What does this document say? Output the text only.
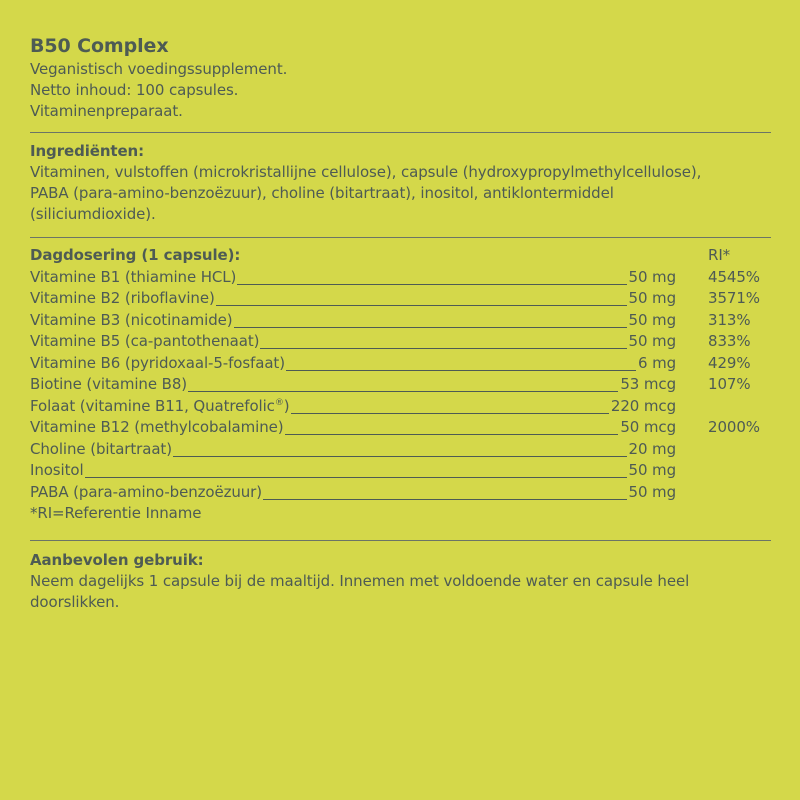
B50 Complex
Veganistisch voedingssupplement.
Netto inhoud: 100 capsules.
Vitaminenpreparaat.
Ingrediënten:
Vitaminen, vulstoffen (microkristallijne cellulose), capsule (hydroxypropylmethylcellulose),
PABA (para-amino-benzoëzuur), choline (bitartraat), inositol, antiklontermiddel
(siliciumdioxide).
Dagdosering (1 capsule):	RI*
Vitamine B1 (thiamine HCL)	50 mg 4545%
Vitamine B2 (riboflavine)	50 mg 3571%
Vitamine B3 (nicotinamide)	50 mg 313%
Vitamine B5 (ca-pantothenaat)	50 mg 833%
Vitamine B6 (pyridoxaal-5-fosfaat)	6 mg 429%
Biotine (vitamine B8)	53 mcg 107%
Folaat (vitamine B11, Quatrefolic®)	220 mcg
Vitamine B12 (methylcobalamine)	50 mcg 2000%
Choline (bitartraat)	20 mg
Inositol	50 mg
PABA (para-amino-benzoëzuur)	50 mg
*RI=Referentie Inname
Aanbevolen gebruik:
Neem dagelijks 1 capsule bij de maaltijd. Innemen met voldoende water en capsule heel
doorslikken.
